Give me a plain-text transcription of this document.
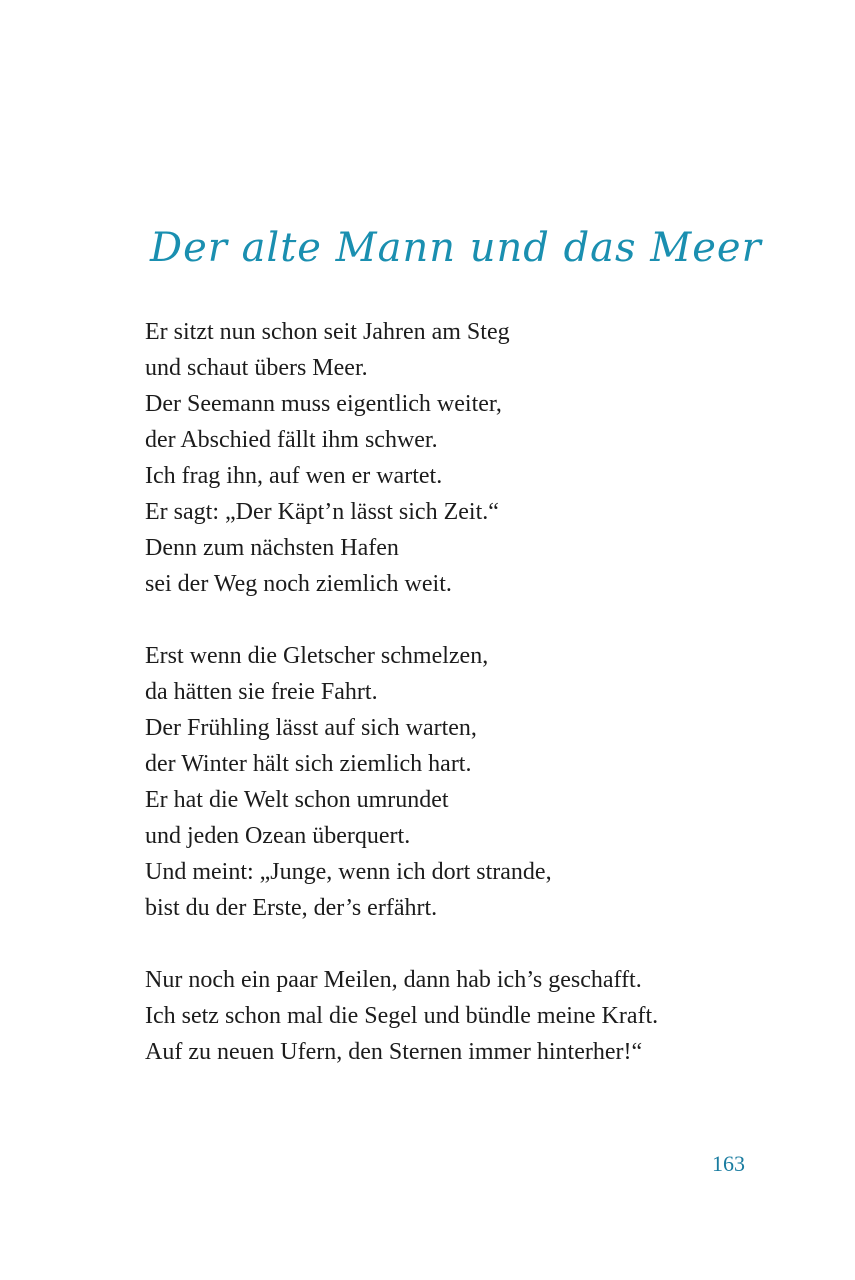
Der alte Mann und das Meer
Er sitzt nun schon seit Jahren am Steg
und schaut übers Meer.
Der Seemann muss eigentlich weiter,
der Abschied fällt ihm schwer.
Ich frag ihn, auf wen er wartet.
Er sagt: „Der Käpt’n lässt sich Zeit.“
Denn zum nächsten Hafen
sei der Weg noch ziemlich weit.
Erst wenn die Gletscher schmelzen,
da hätten sie freie Fahrt.
Der Frühling lässt auf sich warten,
der Winter hält sich ziemlich hart.
Er hat die Welt schon umrundet
und jeden Ozean überquert.
Und meint: „Junge, wenn ich dort strande,
bist du der Erste, der’s erfährt.
Nur noch ein paar Meilen, dann hab ich’s geschafft.
Ich setz schon mal die Segel und bündle meine Kraft.
Auf zu neuen Ufern, den Sternen immer hinterher!“
163
